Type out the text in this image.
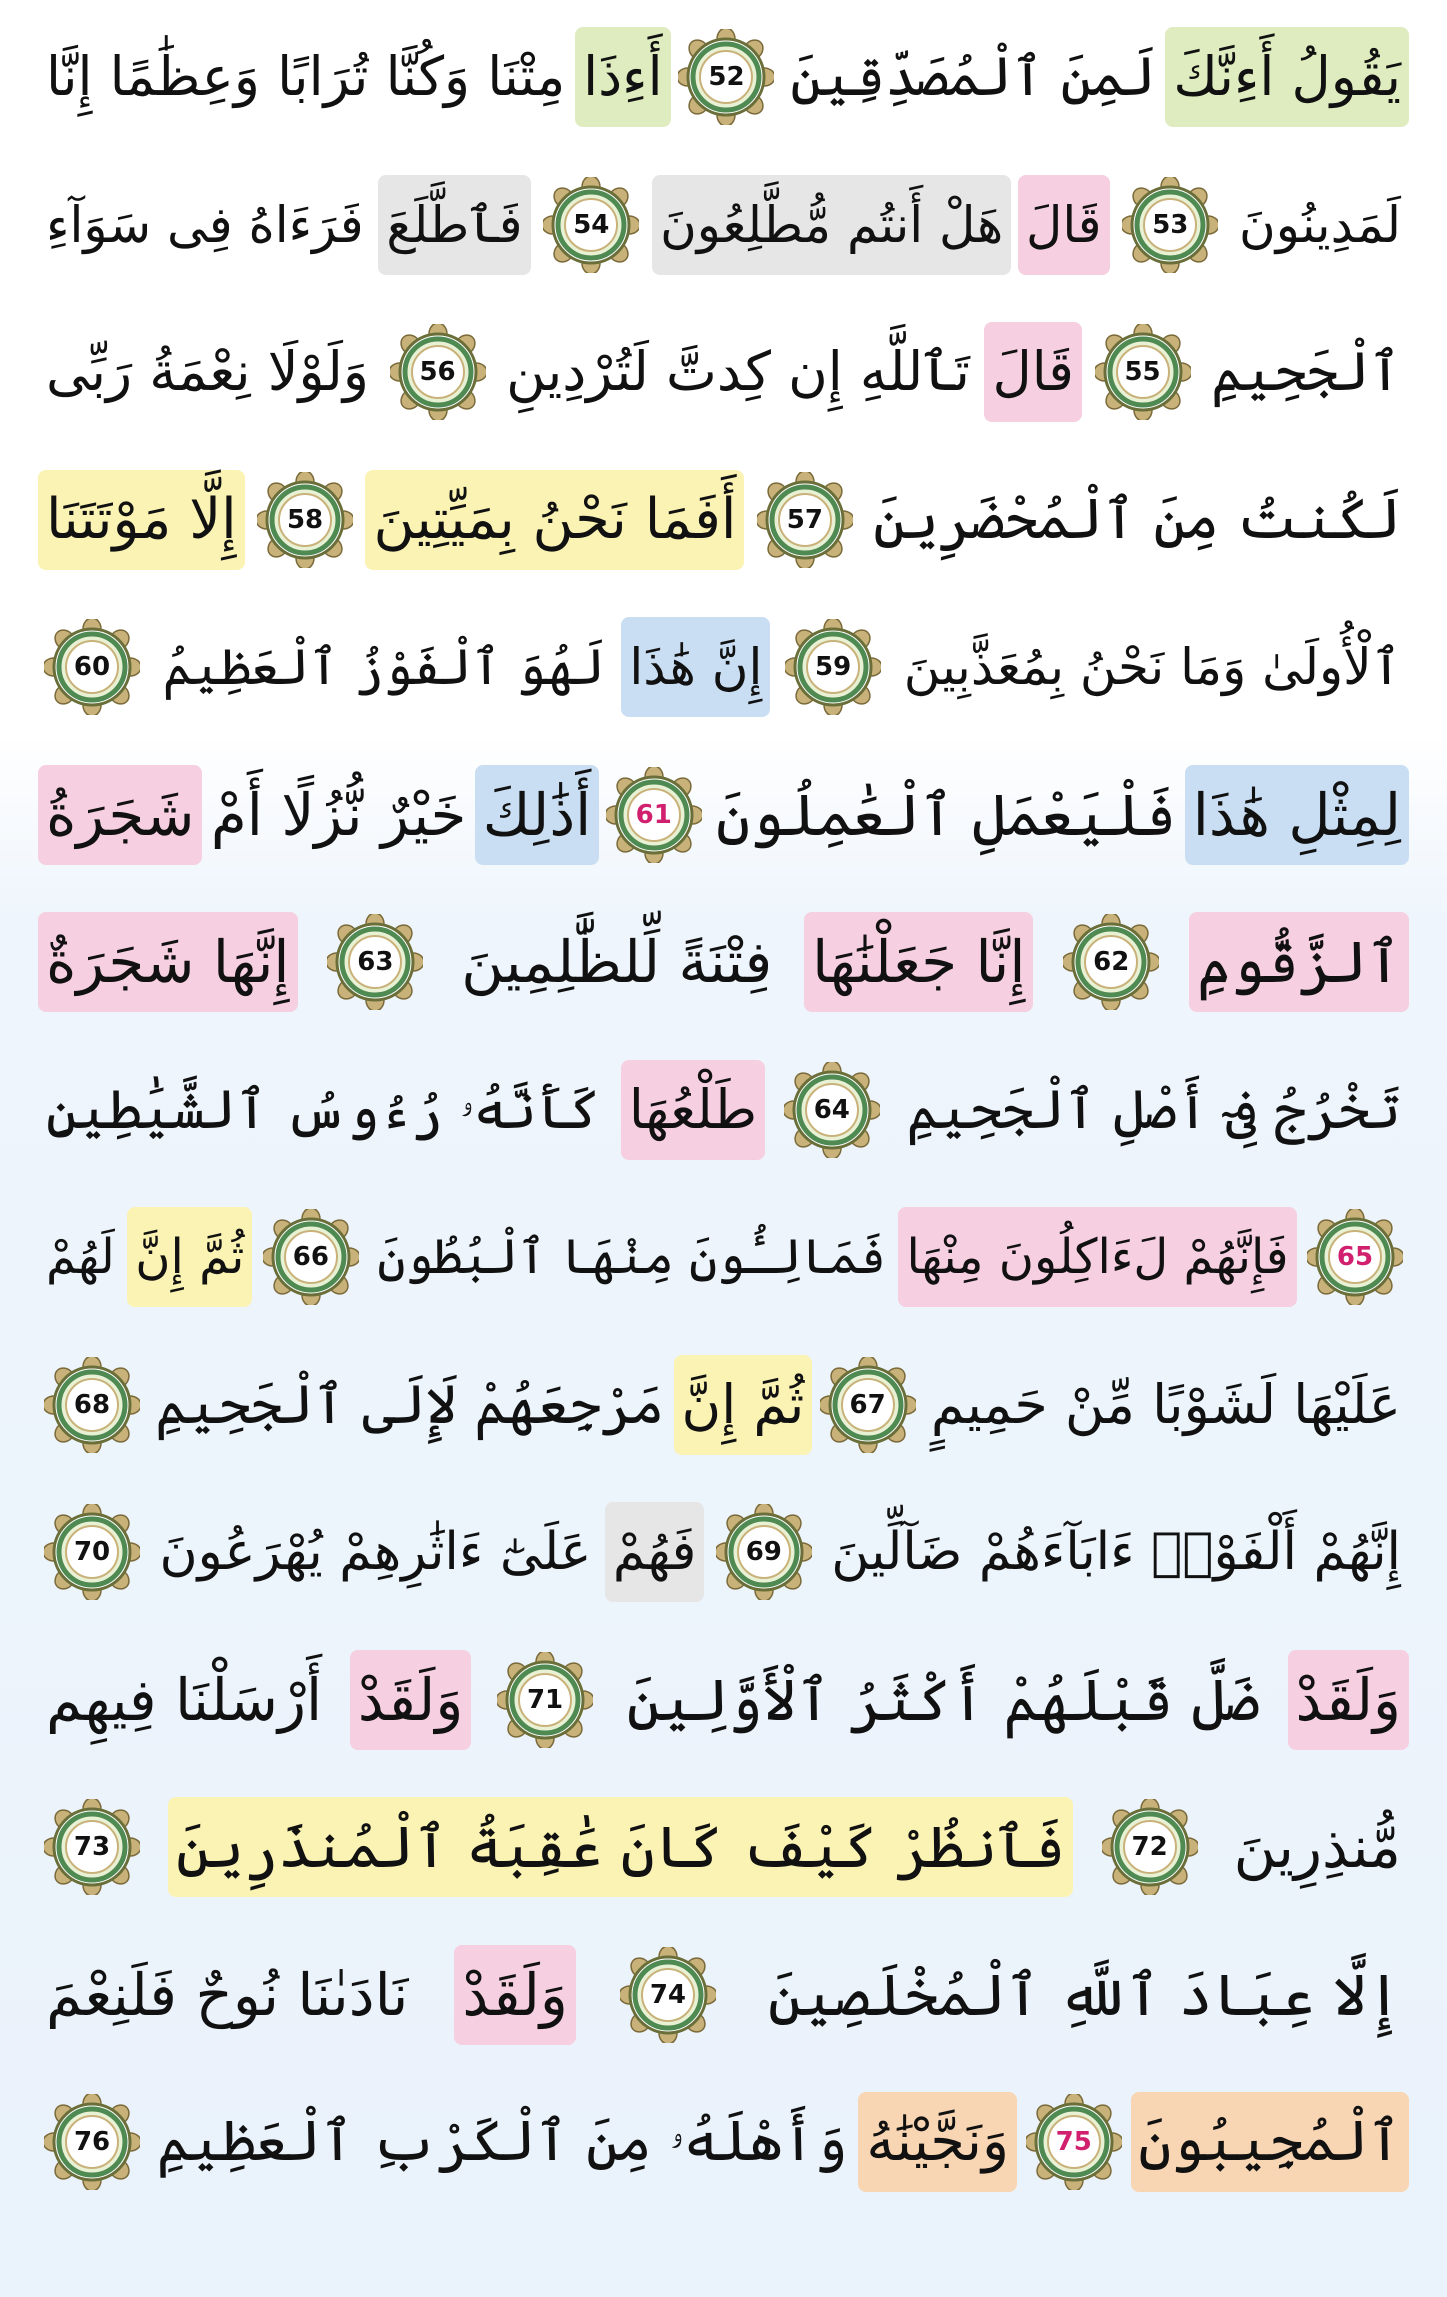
يَقُولُ أَءِنَّكَ
لَمِنَ ٱلْمُصَدِّقِينَ
52
أَءِذَا
مِتْنَا وَكُنَّا تُرَابًا وَعِظَٰمًا إِنَّا
لَمَدِينُونَ
53
قَالَ
هَلْ أَنتُم مُّطَّلِعُونَ
54
فَٱطَّلَعَ
فَرَءَاهُ فِى سَوَآءِ
ٱلْجَحِيمِ
55
قَالَ
تَٱللَّهِ إِن كِدتَّ لَتُرْدِينِ
56
وَلَوْلَا نِعْمَةُ رَبِّى
لَكُنتُ مِنَ ٱلْمُحْضَرِينَ
57
أَفَمَا نَحْنُ بِمَيِّتِينَ
58
إِلَّا مَوْتَتَنَا
ٱلْأُولَىٰ وَمَا نَحْنُ بِمُعَذَّبِينَ
59
إِنَّ هَٰذَا
لَهُوَ ٱلْفَوْزُ ٱلْعَظِيمُ
60
لِمِثْلِ هَٰذَا
فَلْيَعْمَلِ ٱلْعَٰمِلُونَ
61
أَذَٰلِكَ
خَيْرٌ نُّزُلًا أَمْ
شَجَرَةُ
ٱلزَّقُّومِ
62
إِنَّا جَعَلْنَٰهَا
فِتْنَةً لِّلظَّٰلِمِينَ
63
إِنَّهَا شَجَرَةٌ
تَخْرُجُ فِىٓ أَصْلِ ٱلْجَحِيمِ
64
طَلْعُهَا
كَأَنَّهُۥ رُءُوسُ ٱلشَّيَٰطِينِ
65
فَإِنَّهُمْ لَءَاكِلُونَ مِنْهَا
فَمَالِـُٔونَ مِنْهَا ٱلْبُطُونَ
66
ثُمَّ إِنَّ
لَهُمْ
عَلَيْهَا لَشَوْبًا مِّنْ حَمِيمٍ
67
ثُمَّ إِنَّ
مَرْجِعَهُمْ لَإِلَى ٱلْجَحِيمِ
68
إِنَّهُمْ أَلْفَوْا۟ ءَابَآءَهُمْ ضَآلِّينَ
69
فَهُمْ
عَلَىٰٓ ءَاثَٰرِهِمْ يُهْرَعُونَ
70
وَلَقَدْ
ضَلَّ قَبْلَهُمْ أَكْثَرُ ٱلْأَوَّلِينَ
71
وَلَقَدْ
أَرْسَلْنَا فِيهِم
مُّنذِرِينَ
72
فَٱنظُرْ كَيْفَ كَانَ عَٰقِبَةُ ٱلْمُنذَرِينَ
73
إِلَّا عِبَادَ ٱللَّهِ ٱلْمُخْلَصِينَ
74
وَلَقَدْ
نَادَىٰنَا نُوحٌ فَلَنِعْمَ
ٱلْمُجِيبُونَ
75
وَنَجَّيْنَٰهُ
وَأَهْلَهُۥ مِنَ ٱلْكَرْبِ ٱلْعَظِيمِ
76
